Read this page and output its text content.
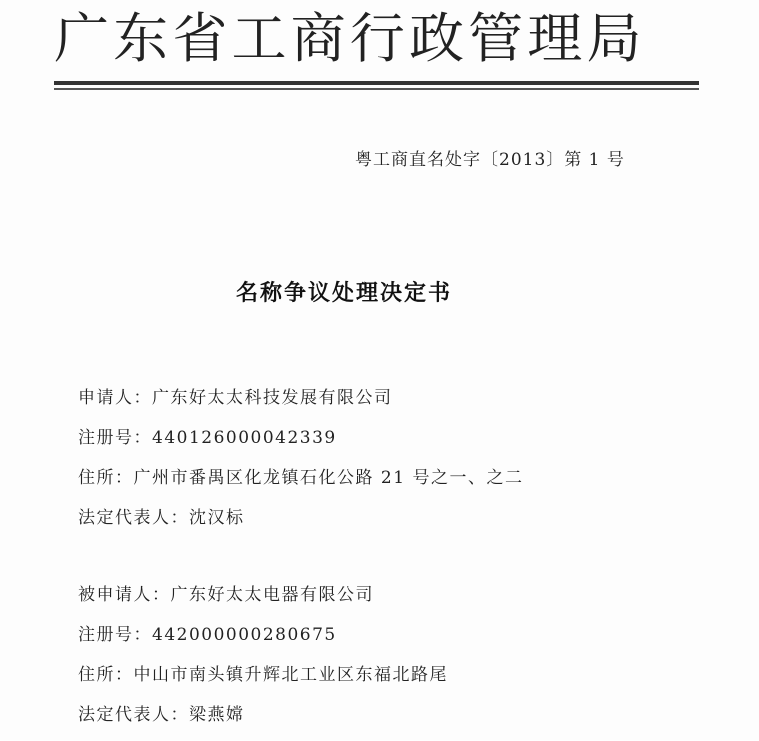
广东省工商行政管理局
粤工商直名处字〔2013〕第 1 号
名称争议处理决定书
申请人：广东好太太科技发展有限公司
注册号：440126000042339
住所：广州市番禺区化龙镇石化公路 21 号之一、之二
法定代表人：沈汉标
被申请人：广东好太太电器有限公司
注册号：442000000280675
住所：中山市南头镇升辉北工业区东福北路尾
法定代表人：梁燕嫦
